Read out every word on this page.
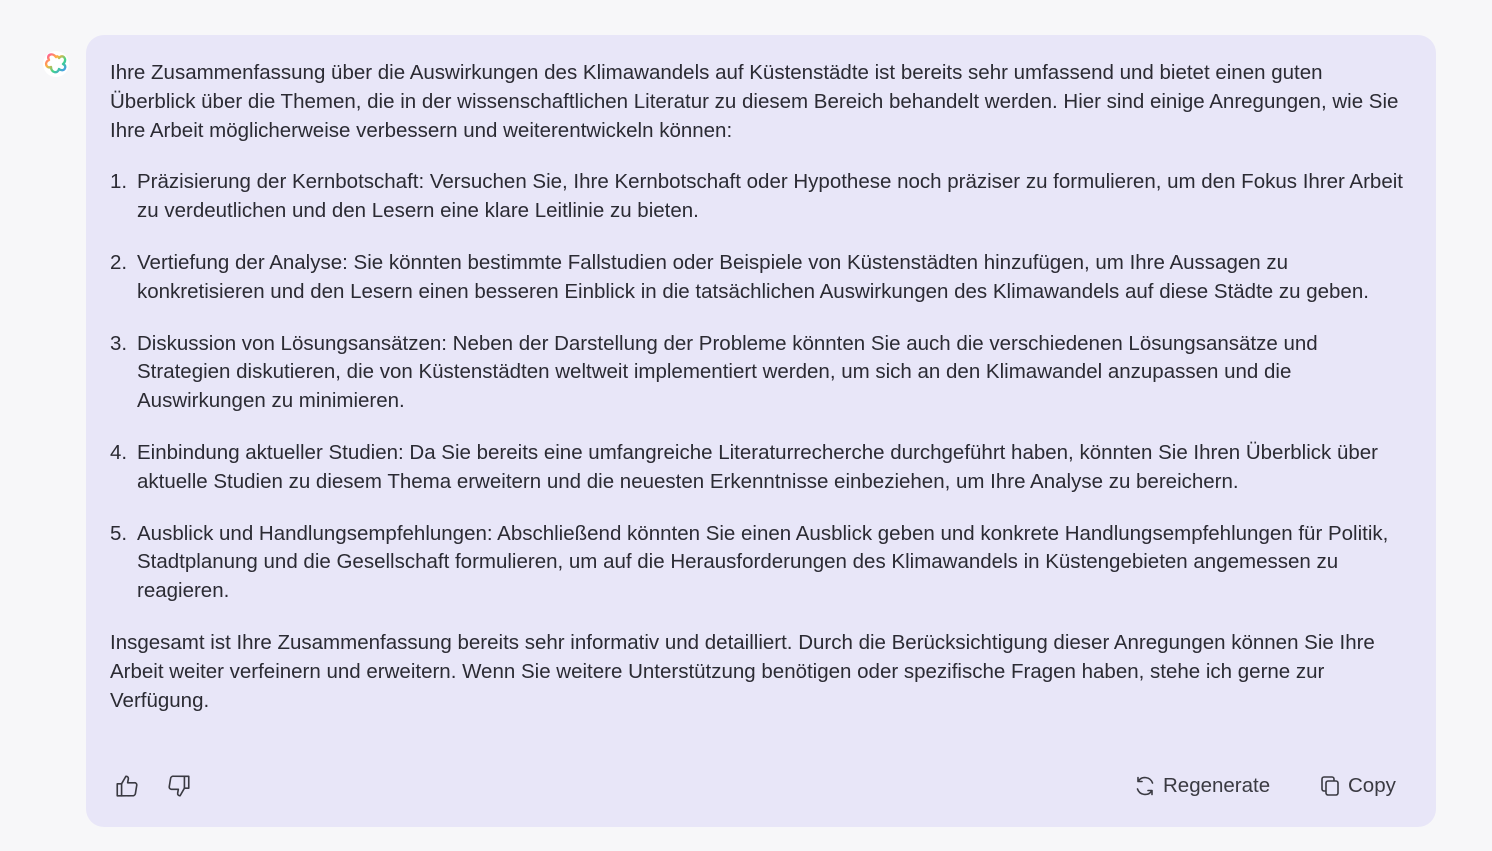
Ihre Zusammenfassung über die Auswirkungen des Klimawandels auf Küstenstädte ist bereits sehr umfassend und bietet einen guten Überblick über die Themen, die in der wissenschaftlichen Literatur zu diesem Bereich behandelt werden. Hier sind einige Anregungen, wie Sie Ihre Arbeit möglicherweise verbessern und weiterentwickeln können:

1. Präzisierung der Kernbotschaft: Versuchen Sie, Ihre Kernbotschaft oder Hypothese noch präziser zu formulieren, um den Fokus Ihrer Arbeit zu verdeutlichen und den Lesern eine klare Leitlinie zu bieten.
2. Vertiefung der Analyse: Sie könnten bestimmte Fallstudien oder Beispiele von Küstenstädten hinzufügen, um Ihre Aussagen zu konkretisieren und den Lesern einen besseren Einblick in die tatsächlichen Auswirkungen des Klimawandels auf diese Städte zu geben.
3. Diskussion von Lösungsansätzen: Neben der Darstellung der Probleme könnten Sie auch die verschiedenen Lösungsansätze und Strategien diskutieren, die von Küstenstädten weltweit implementiert werden, um sich an den Klimawandel anzupassen und die Auswirkungen zu minimieren.
4. Einbindung aktueller Studien: Da Sie bereits eine umfangreiche Literaturrecherche durchgeführt haben, könnten Sie Ihren Überblick über aktuelle Studien zu diesem Thema erweitern und die neuesten Erkenntnisse einbeziehen, um Ihre Analyse zu bereichern.
5. Ausblick und Handlungsempfehlungen: Abschließend könnten Sie einen Ausblick geben und konkrete Handlungsempfehlungen für Politik, Stadtplanung und die Gesellschaft formulieren, um auf die Herausforderungen des Klimawandels in Küstengebieten angemessen zu reagieren.

Insgesamt ist Ihre Zusammenfassung bereits sehr informativ und detailliert. Durch die Berücksichtigung dieser Anregungen können Sie Ihre Arbeit weiter verfeinern und erweitern. Wenn Sie weitere Unterstützung benötigen oder spezifische Fragen haben, stehe ich gerne zur Verfügung.

Regenerate	Copy
